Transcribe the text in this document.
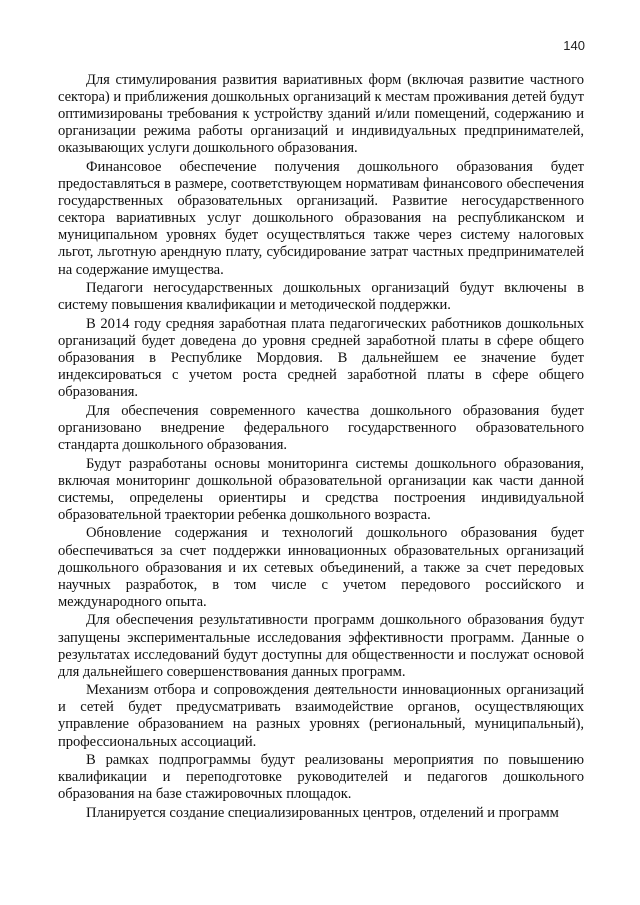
140

Для стимулирования развития вариативных форм (включая развитие частного сектора) и приближения дошкольных организаций к местам проживания детей будут оптимизированы требования к устройству зданий и/или помещений, содержанию и организации режима работы организаций и индивидуальных предпринимателей, оказывающих услуги дошкольного образования.

Финансовое обеспечение получения дошкольного образования будет предоставляться в размере, соответствующем нормативам финансового обеспечения государственных образовательных организаций. Развитие негосударственного сектора вариативных услуг дошкольного образования на республиканском и муниципальном уровнях будет осуществляться также через систему налоговых льгот, льготную арендную плату, субсидирование затрат частных предпринимателей на содержание имущества.

Педагоги негосударственных дошкольных организаций будут включены в систему повышения квалификации и методической поддержки.

В 2014 году средняя заработная плата педагогических работников дошкольных организаций будет доведена до уровня средней заработной платы в сфере общего образования в Республике Мордовия. В дальнейшем ее значение будет индексироваться с учетом роста средней заработной платы в сфере общего образования.

Для обеспечения современного качества дошкольного образования будет организовано внедрение федерального государственного образовательного стандарта дошкольного образования.

Будут разработаны основы мониторинга системы дошкольного образования, включая мониторинг дошкольной образовательной организации как части данной системы, определены ориентиры и средства построения индивидуальной образовательной траектории ребенка дошкольного возраста.

Обновление содержания и технологий дошкольного образования будет обеспечиваться за счет поддержки инновационных образовательных организаций дошкольного образования и их сетевых объединений, а также за счет передовых научных разработок, в том числе с учетом передового российского и международного опыта.

Для обеспечения результативности программ дошкольного образования будут запущены экспериментальные исследования эффективности программ. Данные о результатах исследований будут доступны для общественности и послужат основой для дальнейшего совершенствования данных программ.

Механизм отбора и сопровождения деятельности инновационных организаций и сетей будет предусматривать взаимодействие органов, осуществляющих управление образованием на разных уровнях (региональный, муниципальный), профессиональных ассоциаций.

В рамках подпрограммы будут реализованы мероприятия по повышению квалификации и переподготовке руководителей и педагогов дошкольного образования на базе стажировочных площадок.

Планируется создание специализированных центров, отделений и программ
